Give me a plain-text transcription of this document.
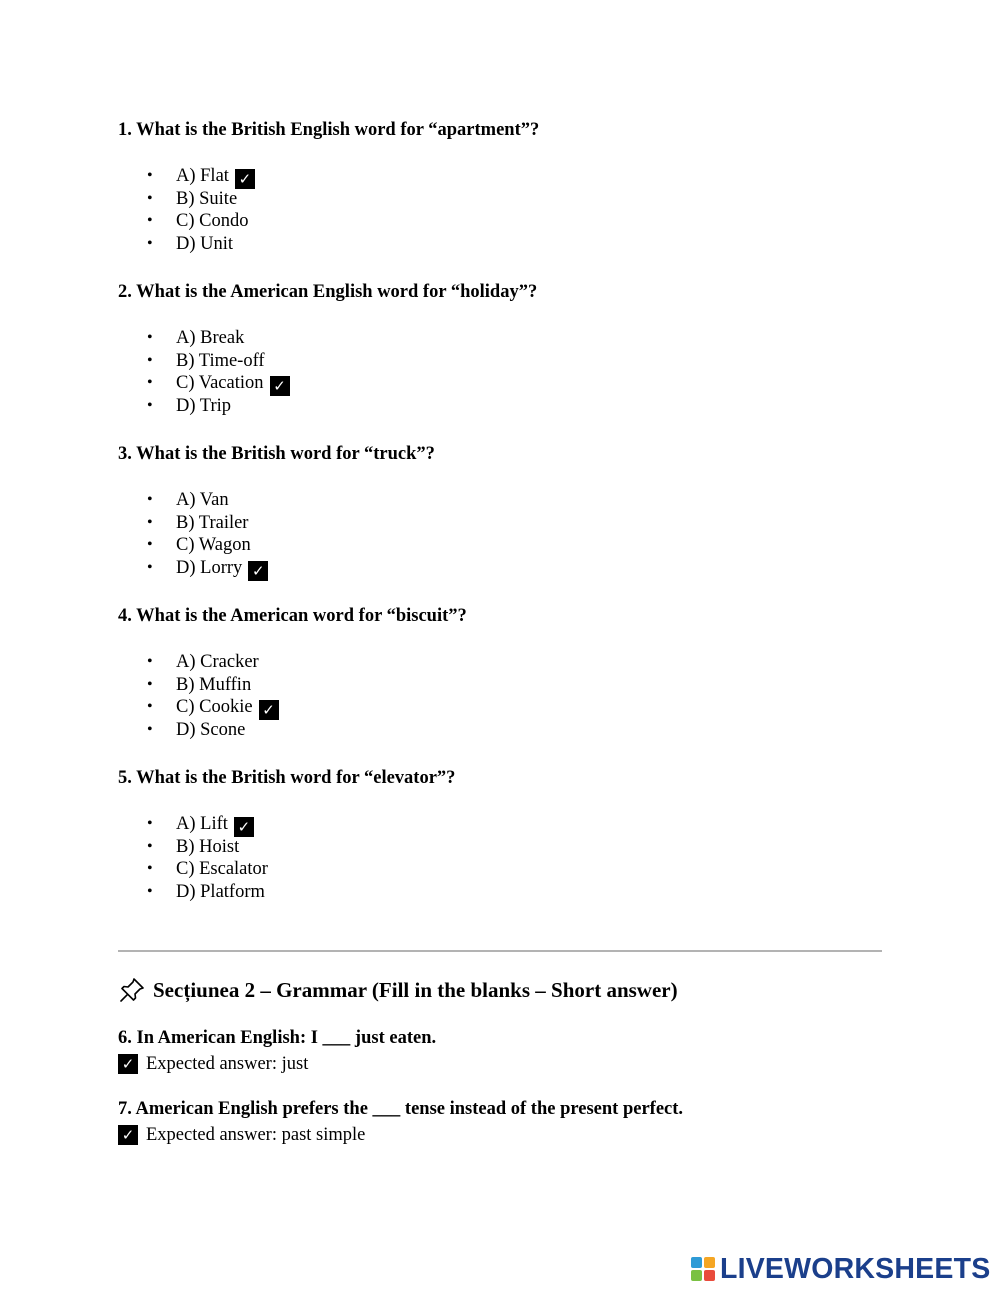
1. What is the British English word for “apartment”?

• A) Flat ✓
• B) Suite
• C) Condo
• D) Unit

2. What is the American English word for “holiday”?

• A) Break
• B) Time-off
• C) Vacation ✓
• D) Trip

3. What is the British word for “truck”?

• A) Van
• B) Trailer
• C) Wagon
• D) Lorry ✓

4. What is the American word for “biscuit”?

• A) Cracker
• B) Muffin
• C) Cookie ✓
• D) Scone

5. What is the British word for “elevator”?

• A) Lift ✓
• B) Hoist
• C) Escalator
• D) Platform
Secțiunea 2 – Grammar (Fill in the blanks – Short answer)

6. In American English: I ___ just eaten.

✓ Expected answer: just

7. American English prefers the ___ tense instead of the present perfect.

✓ Expected answer: past simple
LIVEWORKSHEETS
